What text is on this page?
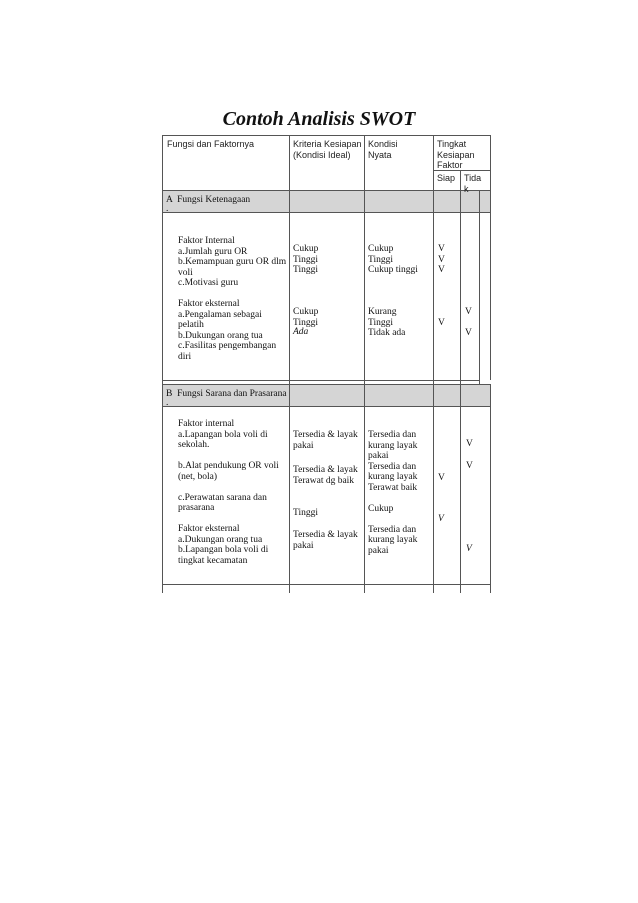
Contoh Analisis SWOT
Fungsi dan Faktornya	Kriteria Kesiapan
(Kondisi Ideal)
Kondisi
Nyata
Tingkat
Kesiapan
Faktor
Siap Tida
k
A  Fungsi Ketenagaan
.
Faktor Internal
a.Jumlah guru OR
b.Kemampuan guru OR dlm
voli
c.Motivasi guru

Faktor eksternal
a.Pengalaman sebagai
pelatih
b.Dukungan orang tua
c.Fasilitas pengembangan
diri
Cukup
Tinggi
Tinggi

Cukup
Tinggi
Ada
Cukup
Tinggi
Cukup tinggi

Kurang
Tinggi
Tidak ada
V
V
V

V
V

V
B  Fungsi Sarana dan Prasarana
.
Faktor internal
a.Lapangan bola voli di
sekolah.

b.Alat pendukung OR voli
(net, bola)

c.Perawatan sarana dan
prasarana

Faktor eksternal
a.Dukungan orang tua
b.Lapangan bola voli di
tingkat kecamatan
Tersedia & layak
pakai
Tersedia & layak
Terawat dg baik
Tinggi
Tersedia & layak
pakai
Tersedia dan
kurang layak
pakai
Tersedia dan
kurang layak
Terawat baik

Cukup

Tersedia dan
kurang layak
pakai
V
V
V
V
V
